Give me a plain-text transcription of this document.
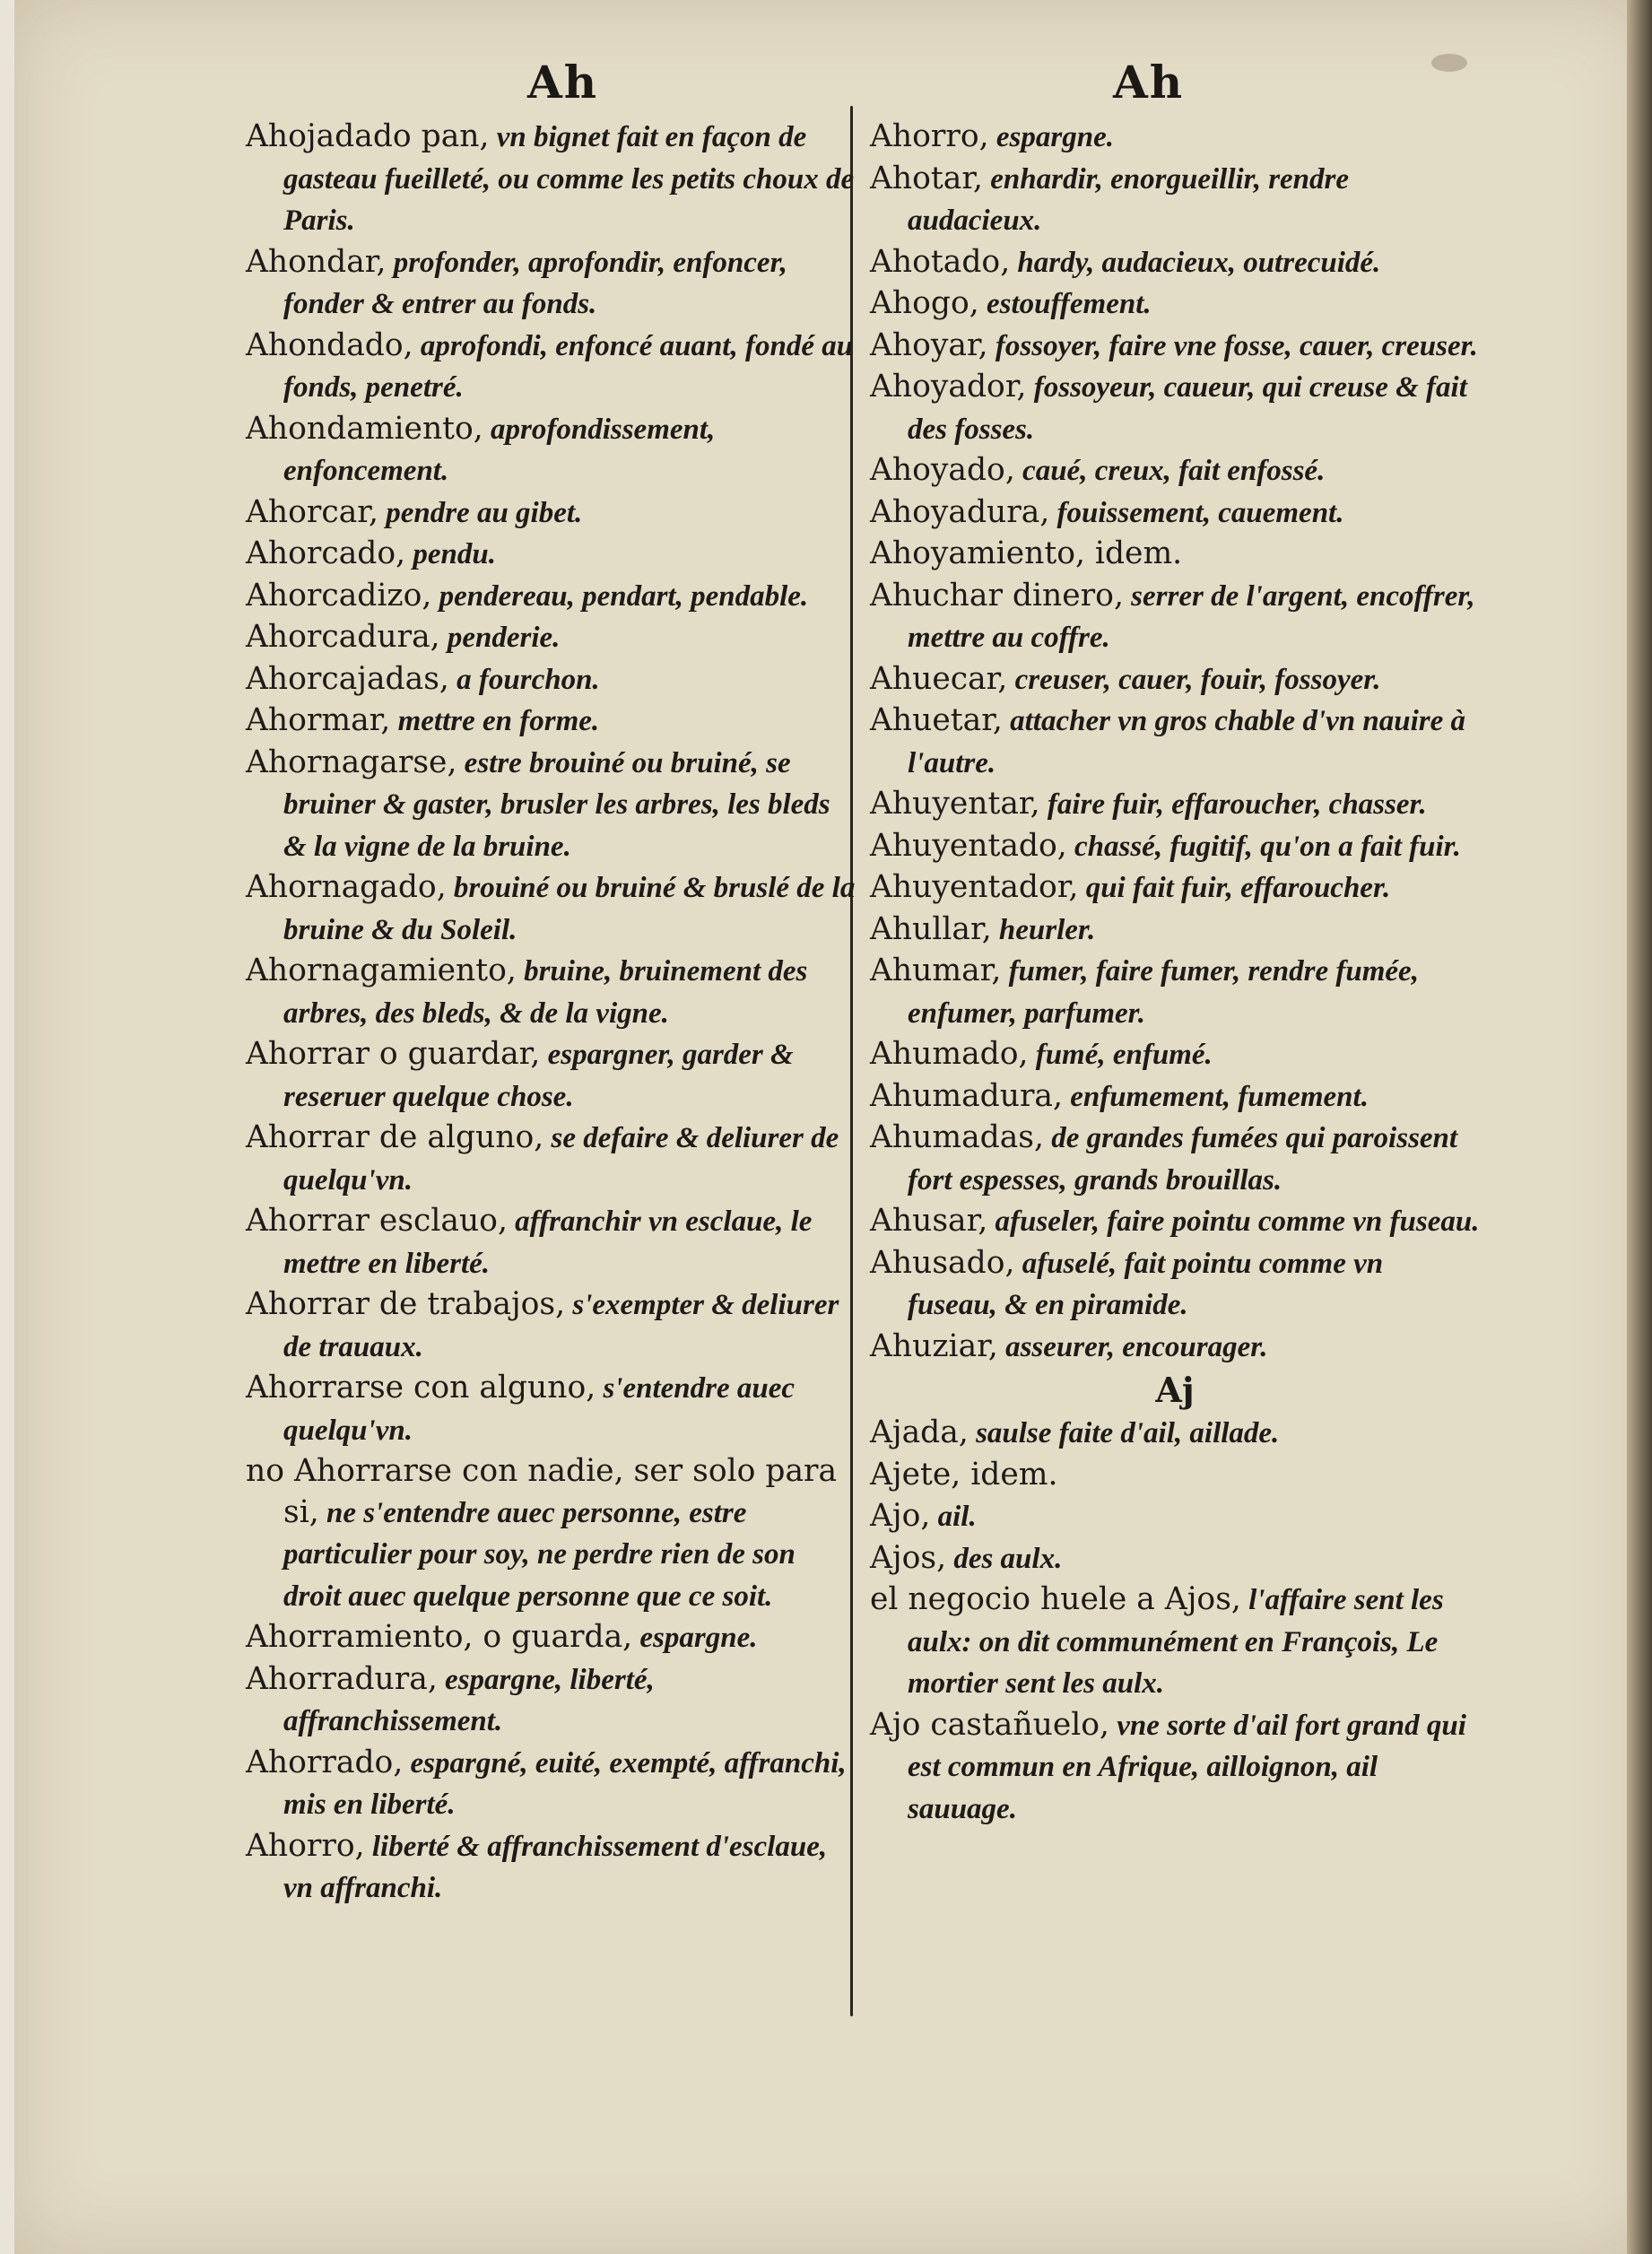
Ah	Ah
Ahojadado pan, vn bignet fait en façon de gasteau fueilleté, ou comme les petits choux de Paris.
Ahondar, profonder, aprofondir, enfoncer, fonder & entrer au fonds.
Ahondado, aprofondi, enfoncé auant, fondé au fonds, penetré.
Ahondamiento, aprofondissement, enfoncement.
Ahorcar, pendre au gibet.
Ahorcado, pendu.
Ahorcadizo, pendereau, pendart, pendable.
Ahorcadura, penderie.
Ahorcajadas, a fourchon.
Ahormar, mettre en forme.
Ahornagarse, estre brouiné ou bruiné, se bruiner & gaster, brusler les arbres, les bleds & la vigne de la bruine.
Ahornagado, brouiné ou bruiné & bruslé de la bruine & du Soleil.
Ahornagamiento, bruine, bruinement des arbres, des bleds, & de la vigne.
Ahorrar o guardar, espargner, garder & reseruer quelque chose.
Ahorrar de alguno, se defaire & deliurer de quelqu'vn.
Ahorrar esclauo, affranchir vn esclaue, le mettre en liberté.
Ahorrar de trabajos, s'exempter & deliurer de trauaux.
Ahorrarse con alguno, s'entendre auec quelqu'vn.
no Ahorrarse con nadie, ser solo para si, ne s'entendre auec personne, estre particulier pour soy, ne perdre rien de son droit auec quelque personne que ce soit.
Ahorramiento, o guarda, espargne.
Ahorradura, espargne, liberté, affranchissement.
Ahorrado, espargné, euité, exempté, affranchi, mis en liberté.
Ahorro, liberté & affranchissement d'esclaue, vn affranchi.
Ahorro, espargne.
Ahotar, enhardir, enorgueillir, rendre audacieux.
Ahotado, hardy, audacieux, outrecuidé.
Ahogo, estouffement.
Ahoyar, fossoyer, faire vne fosse, cauer, creuser.
Ahoyador, fossoyeur, caueur, qui creuse & fait des fosses.
Ahoyado, caué, creux, fait enfossé.
Ahoyadura, fouissement, cauement.
Ahoyamiento, idem.
Ahuchar dinero, serrer de l'argent, encoffrer, mettre au coffre.
Ahuecar, creuser, cauer, fouir, fossoyer.
Ahuetar, attacher vn gros chable d'vn nauire à l'autre.
Ahuyentar, faire fuir, effaroucher, chasser.
Ahuyentado, chassé, fugitif, qu'on a fait fuir.
Ahuyentador, qui fait fuir, effaroucher.
Ahullar, heurler.
Ahumar, fumer, faire fumer, rendre fumée, enfumer, parfumer.
Ahumado, fumé, enfumé.
Ahumadura, enfumement, fumement.
Ahumadas, de grandes fumées qui paroissent fort espesses, grands brouillas.
Ahusar, afuseler, faire pointu comme vn fuseau.
Ahusado, afuselé, fait pointu comme vn fuseau, & en piramide.
Ahuziar, asseurer, encourager.
Aj
Ajada, saulse faite d'ail, aillade.
Ajete, idem.
Ajo, ail.
Ajos, des aulx.
el negocio huele a Ajos, l'affaire sent les aulx: on dit communément en François, Le mortier sent les aulx.
Ajo castañuelo, vne sorte d'ail fort grand qui est commun en Afrique, ailloignon, ail sauuage.
